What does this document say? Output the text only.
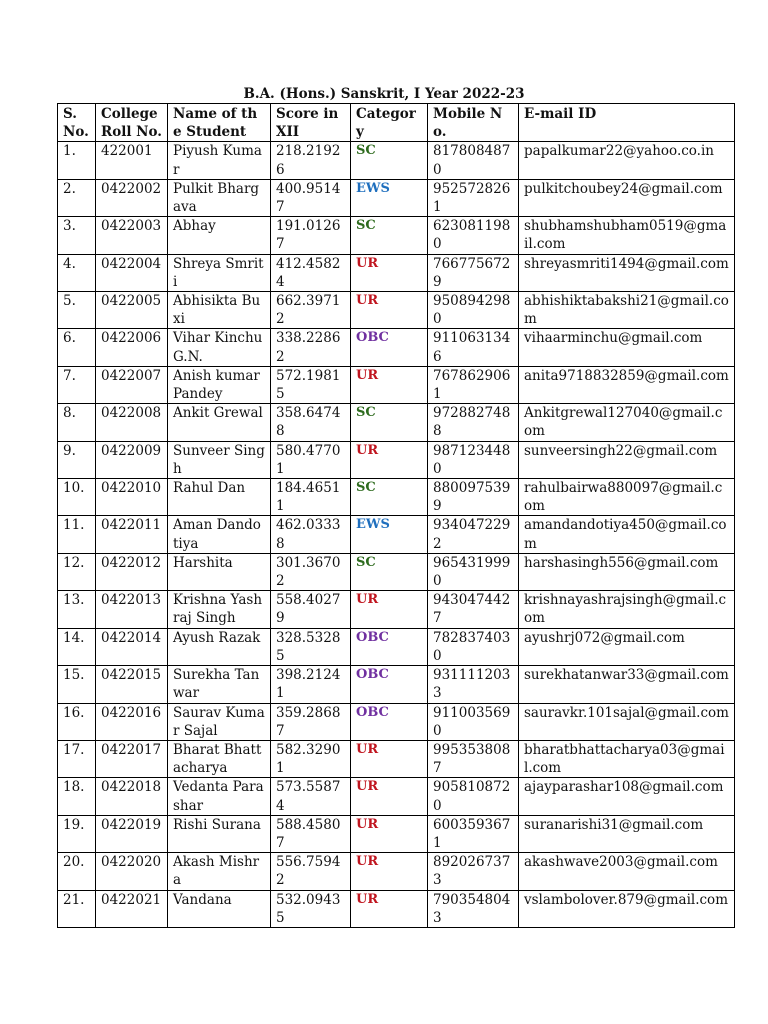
B.A. (Hons.) Sanskrit, I Year 2022-23
S. No.	College Roll No.	Name of the Student	Score in XII	Category	Mobile No.	E-mail ID
1.	422001	Piyush Kumar	218.21926	SC	8178084870	papalkumar22@yahoo.co.in
2.	0422002	Pulkit Bhargava	400.95147	EWS	9525728261	pulkitchoubey24@gmail.com
3.	0422003	Abhay	191.01267	SC	6230811980	shubhamshubham0519@gmail.com
4.	0422004	Shreya Smriti	412.45824	UR	7667756729	shreyasmriti1494@gmail.com
5.	0422005	Abhisikta Buxi	662.39712	UR	9508942980	abhishiktabakshi21@gmail.com
6.	0422006	Vihar Kinchu G.N.	338.22862	OBC	9110631346	vihaarminchu@gmail.com
7.	0422007	Anish kumar Pandey	572.19815	UR	7678629061	anita9718832859@gmail.com
8.	0422008	Ankit Grewal	358.64748	SC	9728827488	Ankitgrewal127040@gmail.com
9.	0422009	Sunveer Singh	580.47701	UR	9871234480	sunveersingh22@gmail.com
10.	0422010	Rahul Dan	184.46511	SC	8800975399	rahulbairwa880097@gmail.com
11.	0422011	Aman Dandotiya	462.03338	EWS	9340472292	amandandotiya450@gmail.com
12.	0422012	Harshita	301.36702	SC	9654319990	harshasingh556@gmail.com
13.	0422013	Krishna Yashraj Singh	558.40279	UR	9430474427	krishnayashrajsingh@gmail.com
14.	0422014	Ayush Razak	328.53285	OBC	7828374030	ayushrj072@gmail.com
15.	0422015	Surekha Tanwar	398.21241	OBC	9311112033	surekhatanwar33@gmail.com
16.	0422016	Saurav Kumar Sajal	359.28687	OBC	9110035690	sauravkr.101sajal@gmail.com
17.	0422017	Bharat Bhattacharya	582.32901	UR	9953538087	bharatbhattacharya03@gmail.com
18.	0422018	Vedanta Parashar	573.55874	UR	9058108720	ajayparashar108@gmail.com
19.	0422019	Rishi Surana	588.45807	UR	6003593671	suranarishi31@gmail.com
20.	0422020	Akash Mishra	556.75942	UR	8920267373	akashwave2003@gmail.com
21.	0422021	Vandana	532.09435	UR	7903548043	vslambolover.879@gmail.com
